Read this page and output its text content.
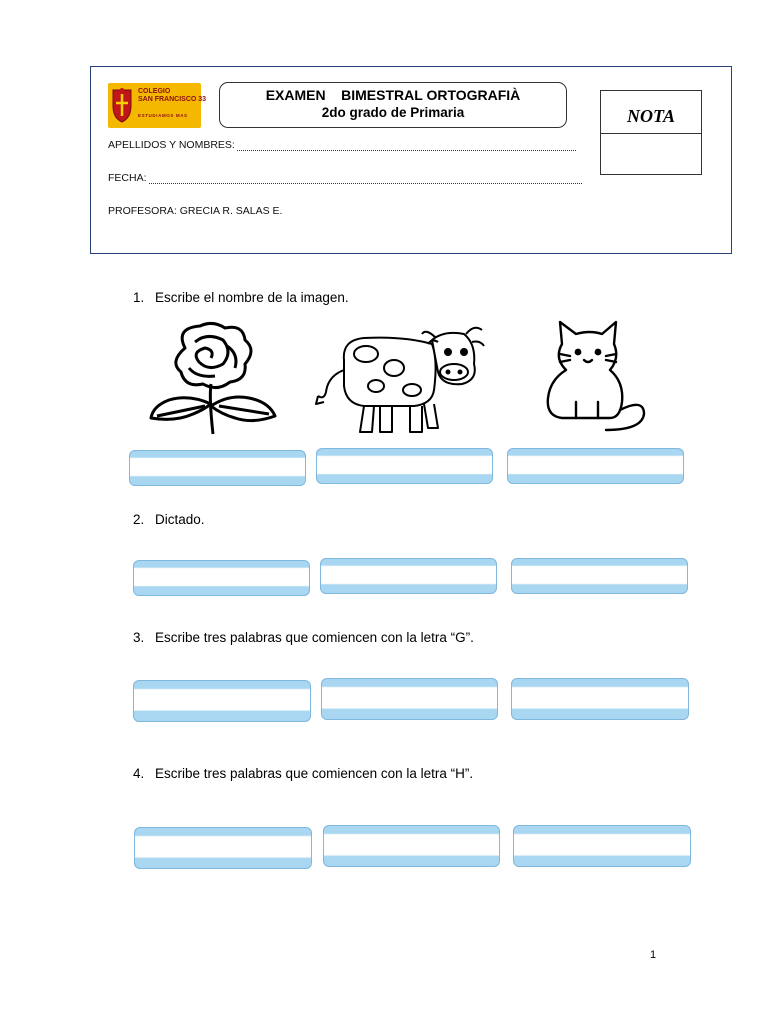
COLEGIO
SAN FRANCISCO 33
ESTUDIAMOS MAS
EXAMEN    BIMESTRAL ORTOGRAFIÀ
2do grado de Primaria	NOTA
APELLIDOS Y NOMBRES:
FECHA:
PROFESORA: GRECIA R. SALAS E.
1. Escribe el nombre de la imagen.
2. Dictado.
3. Escribe tres palabras que comiencen con la letra “G”.
4. Escribe tres palabras que comiencen con la letra “H”.
1
